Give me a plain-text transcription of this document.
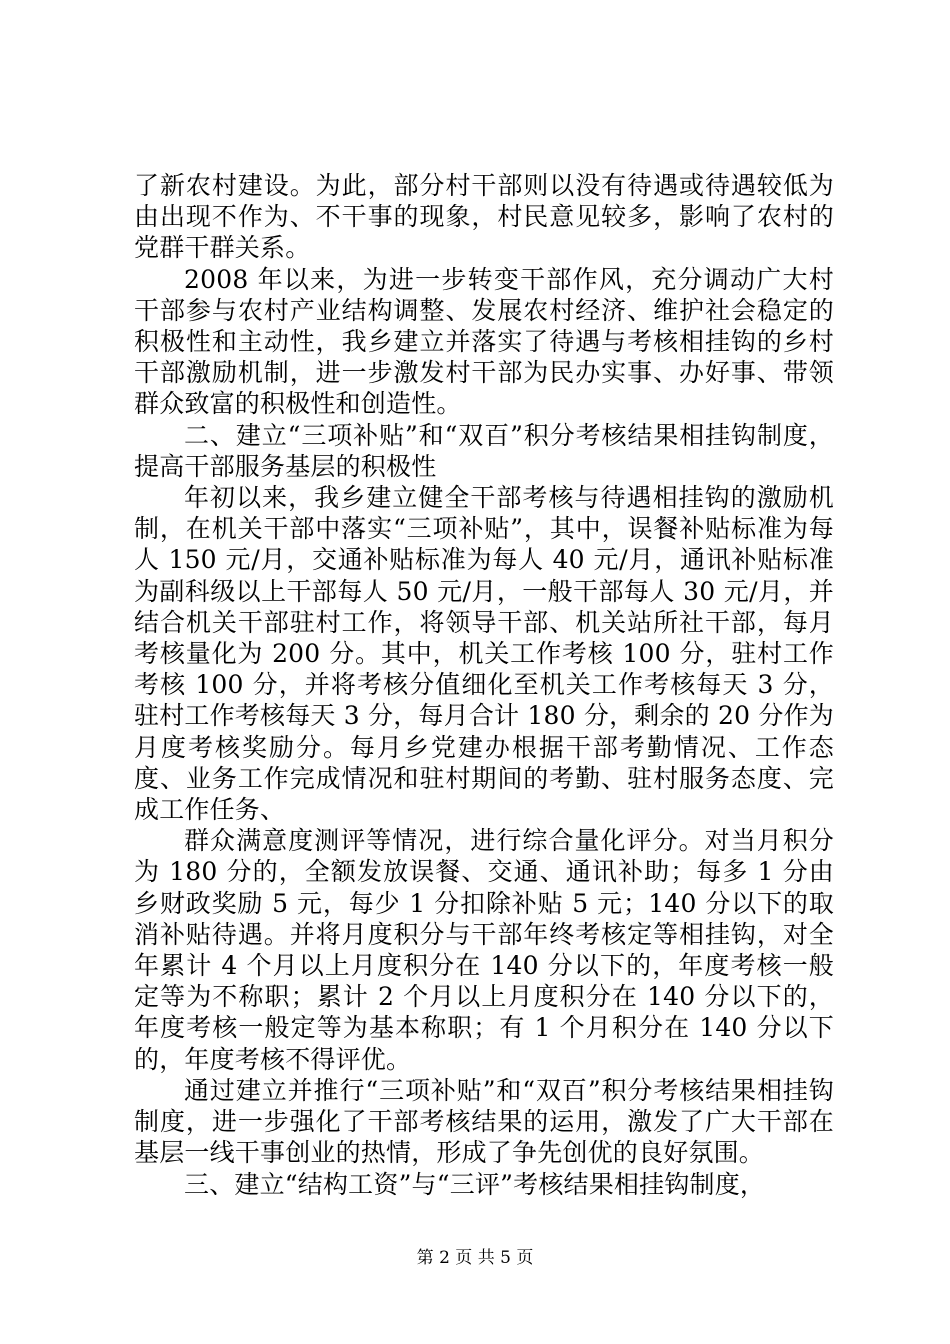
了新农村建设。为此，部分村干部则以没有待遇或待遇较低为由出现不作为、不干事的现象，村民意见较多，影响了农村的党群干群关系。

2008 年以来，为进一步转变干部作风，充分调动广大村干部参与农村产业结构调整、发展农村经济、维护社会稳定的积极性和主动性，我乡建立并落实了待遇与考核相挂钩的乡村干部激励机制，进一步激发村干部为民办实事、办好事、带领群众致富的积极性和创造性。

二、建立“三项补贴”和“双百”积分考核结果相挂钩制度，提高干部服务基层的积极性

年初以来，我乡建立健全干部考核与待遇相挂钩的激励机制，在机关干部中落实“三项补贴”，其中，误餐补贴标准为每人 150 元/月，交通补贴标准为每人 40 元/月，通讯补贴标准为副科级以上干部每人 50 元/月，一般干部每人 30 元/月，并结合机关干部驻村工作，将领导干部、机关站所社干部，每月考核量化为 200 分。其中，机关工作考核 100 分，驻村工作考核 100 分，并将考核分值细化至机关工作考核每天 3 分，驻村工作考核每天 3 分，每月合计 180 分，剩余的 20 分作为月度考核奖励分。每月乡党建办根据干部考勤情况、工作态度、业务工作完成情况和驻村期间的考勤、驻村服务态度、完成工作任务、

群众满意度测评等情况，进行综合量化评分。对当月积分为 180 分的，全额发放误餐、交通、通讯补助；每多 1 分由乡财政奖励 5 元，每少 1 分扣除补贴 5 元；140 分以下的取消补贴待遇。并将月度积分与干部年终考核定等相挂钩，对全年累计 4 个月以上月度积分在 140 分以下的，年度考核一般定等为不称职；累计 2 个月以上月度积分在 140 分以下的，年度考核一般定等为基本称职；有 1 个月积分在 140 分以下的，年度考核不得评优。

通过建立并推行“三项补贴”和“双百”积分考核结果相挂钩制度，进一步强化了干部考核结果的运用，激发了广大干部在基层一线干事创业的热情，形成了争先创优的良好氛围。

三、建立“结构工资”与“三评”考核结果相挂钩制度，

第 2 页 共 5 页
